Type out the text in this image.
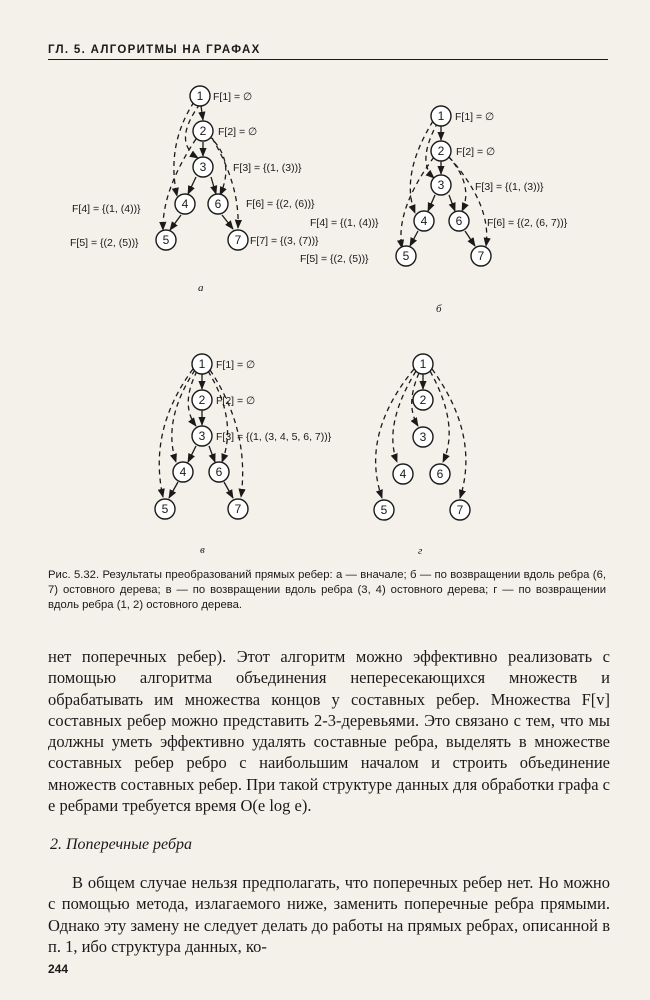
ГЛ. 5. АЛГОРИТМЫ НА ГРАФАХ
1
2
3
4 6
5	7
F[1] = ∅
F[2] = ∅
F[3] = {(1, (3))}
F[4] = {(1, (4))}	F[6] = {(2, (6))}
F[5] = {(2, (5))}	F[7] = {(3, (7))}
а
1
2
3
4 6
5	7
F[1] = ∅
F[2] = ∅
F[3] = {(1, (3))}
F[4] = {(1, (4))}	F[6] = {(2, (6, 7))}
F[5] = {(2, (5))}
б
1
2
3
4 6
5	7
F[1] = ∅
F[2] = ∅
F[3] = {(1, (3, 4, 5, 6, 7))}
в
1
2
3
4	6
5	7
г
Рис. 5.32. Результаты преобразований прямых ребер: а — вначале; б — по возвращении вдоль ребра (6, 7) остовного дерева; в — по возвращении вдоль ребра (3, 4) остовного дерева; г — по возвращении вдоль ребра (1, 2) остовного дерева.

нет поперечных ребер). Этот алгоритм можно эффективно реализовать с помощью алгоритма объединения непересекающихся множеств и обрабатывать им множества концов у составных ребер. Множества F[v] составных ребер можно представить 2-3-деревьями. Это связано с тем, что мы должны уметь эффективно удалять составные ребра, выделять в множестве составных ребер ребро с наибольшим началом и строить объединение множеств составных ребер. При такой структуре данных для обработки графа с e ребрами требуется время O(e log e).

2. Поперечные ребра

В общем случае нельзя предполагать, что поперечных ребер нет. Но можно с помощью метода, излагаемого ниже, заменить поперечные ребра прямыми. Однако эту замену не следует делать до работы на прямых ребрах, описанной в п. 1, ибо структура данных, ко-

244
